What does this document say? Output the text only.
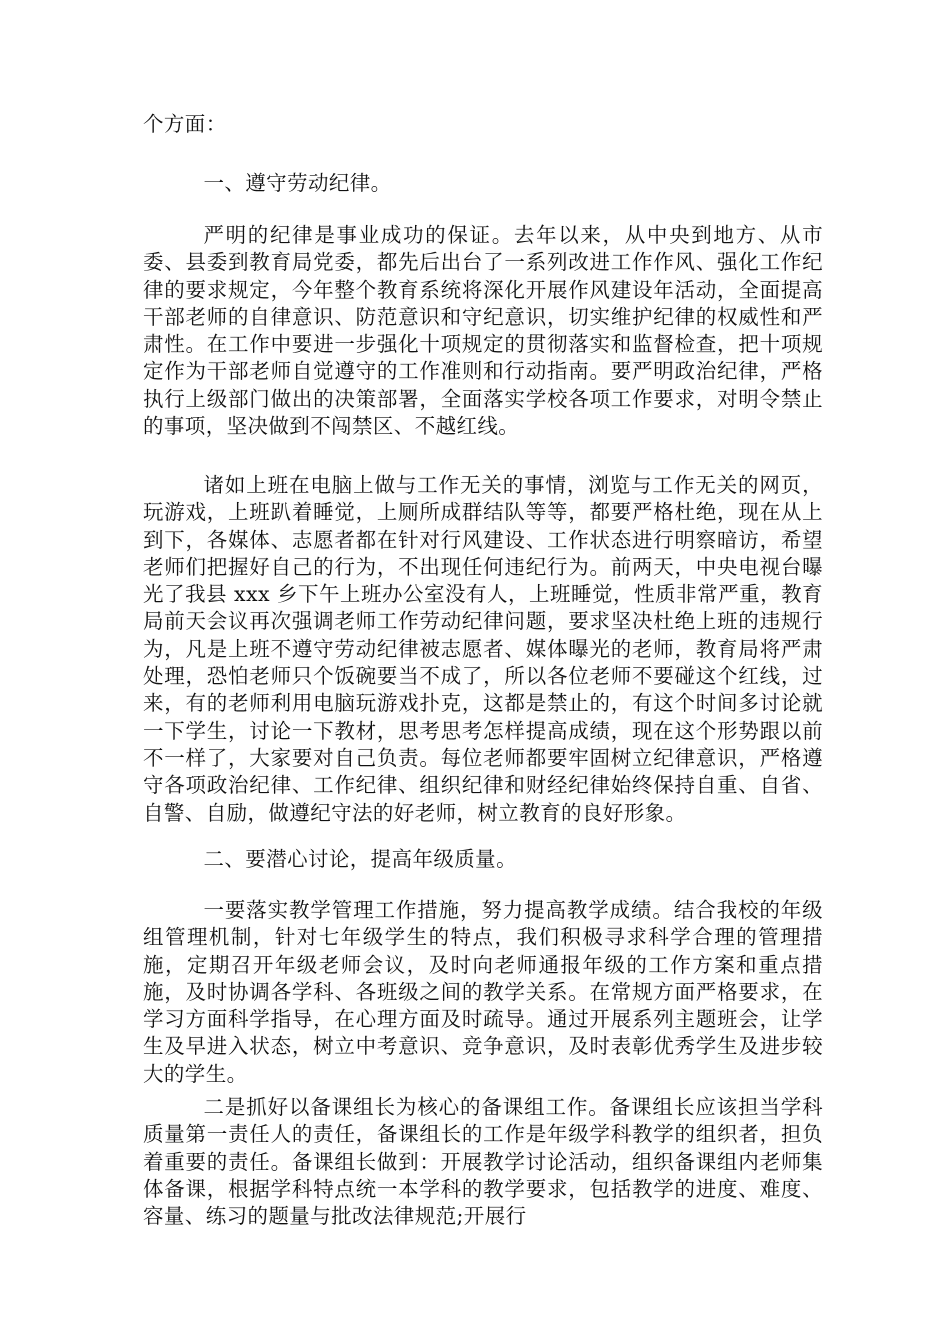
个方面：

一、遵守劳动纪律。

严明的纪律是事业成功的保证。去年以来，从中央到地方、从市委、县委到教育局党委，都先后出台了一系列改进工作作风、强化工作纪律的要求规定，今年整个教育系统将深化开展作风建设年活动，全面提高干部老师的自律意识、防范意识和守纪意识，切实维护纪律的权威性和严肃性。在工作中要进一步强化十项规定的贯彻落实和监督检查，把十项规定作为干部老师自觉遵守的工作准则和行动指南。要严明政治纪律，严格执行上级部门做出的决策部署，全面落实学校各项工作要求，对明令禁止的事项，坚决做到不闯禁区、不越红线。

诸如上班在电脑上做与工作无关的事情，浏览与工作无关的网页，玩游戏，上班趴着睡觉，上厕所成群结队等等，都要严格杜绝，现在从上到下，各媒体、志愿者都在针对行风建设、工作状态进行明察暗访，希望老师们把握好自己的行为，不出现任何违纪行为。前两天，中央电视台曝光了我县 xxx 乡下午上班办公室没有人，上班睡觉，性质非常严重，教育局前天会议再次强调老师工作劳动纪律问题，要求坚决杜绝上班的违规行为，凡是上班不遵守劳动纪律被志愿者、媒体曝光的老师，教育局将严肃处理，恐怕老师只个饭碗要当不成了，所以各位老师不要碰这个红线，过来，有的老师利用电脑玩游戏扑克，这都是禁止的，有这个时间多讨论就一下学生，讨论一下教材，思考思考怎样提高成绩，现在这个形势跟以前不一样了，大家要对自己负责。每位老师都要牢固树立纪律意识，严格遵守各项政治纪律、工作纪律、组织纪律和财经纪律始终保持自重、自省、自警、自励，做遵纪守法的好老师，树立教育的良好形象。

二、要潜心讨论，提高年级质量。

一要落实教学管理工作措施，努力提高教学成绩。结合我校的年级组管理机制，针对七年级学生的特点，我们积极寻求科学合理的管理措施，定期召开年级老师会议，及时向老师通报年级的工作方案和重点措施，及时协调各学科、各班级之间的教学关系。在常规方面严格要求，在学习方面科学指导，在心理方面及时疏导。通过开展系列主题班会，让学生及早进入状态，树立中考意识、竞争意识，及时表彰优秀学生及进步较大的学生。

二是抓好以备课组长为核心的备课组工作。备课组长应该担当学科质量第一责任人的责任，备课组长的工作是年级学科教学的组织者，担负着重要的责任。备课组长做到：开展教学讨论活动，组织备课组内老师集体备课，根据学科特点统一本学科的教学要求，包括教学的进度、难度、容量、练习的题量与批改法律规范;开展行
